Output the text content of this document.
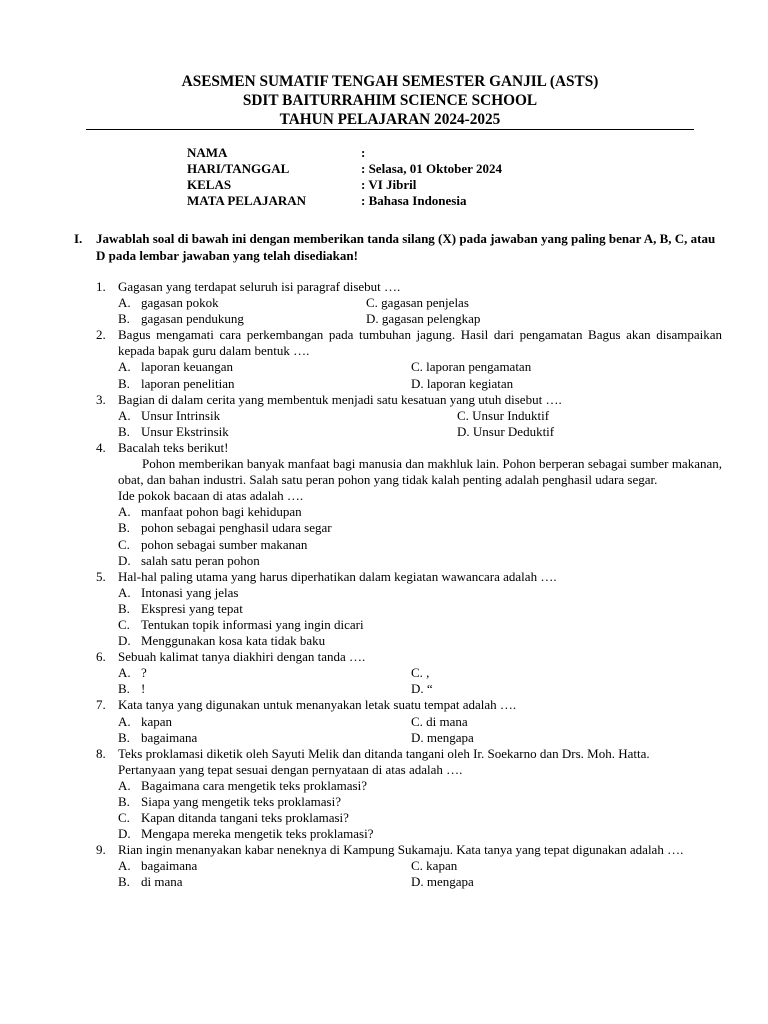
ASESMEN SUMATIF TENGAH SEMESTER GANJIL (ASTS)
SDIT BAITURRAHIM SCIENCE SCHOOL
TAHUN PELAJARAN 2024-2025
NAMA	:
HARI/TANGGAL	: Selasa, 01 Oktober 2024
KELAS	: VI Jibril
MATA PELAJARAN	: Bahasa Indonesia
I. Jawablah soal di bawah ini dengan memberikan tanda silang (X) pada jawaban yang paling benar A, B, C, atau D pada lembar jawaban yang telah disediakan!
1. Gagasan yang terdapat seluruh isi paragraf disebut ….
A. gagasan pokok	C. gagasan penjelas
B. gagasan pendukung	D. gagasan pelengkap
2. Bagus mengamati cara perkembangan pada tumbuhan jagung. Hasil dari pengamatan Bagus akan disampaikan kepada bapak guru dalam bentuk ….
A. laporan keuangan	C. laporan pengamatan
B. laporan penelitian	D. laporan kegiatan
3. Bagian di dalam cerita yang membentuk menjadi satu kesatuan yang utuh disebut ….
A. Unsur Intrinsik	C. Unsur Induktif
B. Unsur Ekstrinsik	D. Unsur Deduktif
4. Bacalah teks berikut!
Pohon memberikan banyak manfaat bagi manusia dan makhluk lain. Pohon berperan sebagai sumber makanan, obat, dan bahan industri. Salah satu peran pohon yang tidak kalah penting adalah penghasil udara segar.
Ide pokok bacaan di atas adalah ….
A. manfaat pohon bagi kehidupan
B. pohon sebagai penghasil udara segar
C. pohon sebagai sumber makanan
D. salah satu peran pohon
5. Hal-hal paling utama yang harus diperhatikan dalam kegiatan wawancara adalah ….
A. Intonasi yang jelas
B. Ekspresi yang tepat
C. Tentukan topik informasi yang ingin dicari
D. Menggunakan kosa kata tidak baku
6. Sebuah kalimat tanya diakhiri dengan tanda ….
A. ?	C. ,
B. !	D. “
7. Kata tanya yang digunakan untuk menanyakan letak suatu tempat adalah ….
A. kapan	C. di mana
B. bagaimana	D. mengapa
8. Teks proklamasi diketik oleh Sayuti Melik dan ditanda tangani oleh Ir. Soekarno dan Drs. Moh. Hatta.
Pertanyaan yang tepat sesuai dengan pernyataan di atas adalah ….
A. Bagaimana cara mengetik teks proklamasi?
B. Siapa yang mengetik teks proklamasi?
C. Kapan ditanda tangani teks proklamasi?
D. Mengapa mereka mengetik teks proklamasi?
9. Rian ingin menanyakan kabar neneknya di Kampung Sukamaju. Kata tanya yang tepat digunakan adalah ….
A. bagaimana	C. kapan
B. di mana	D. mengapa
